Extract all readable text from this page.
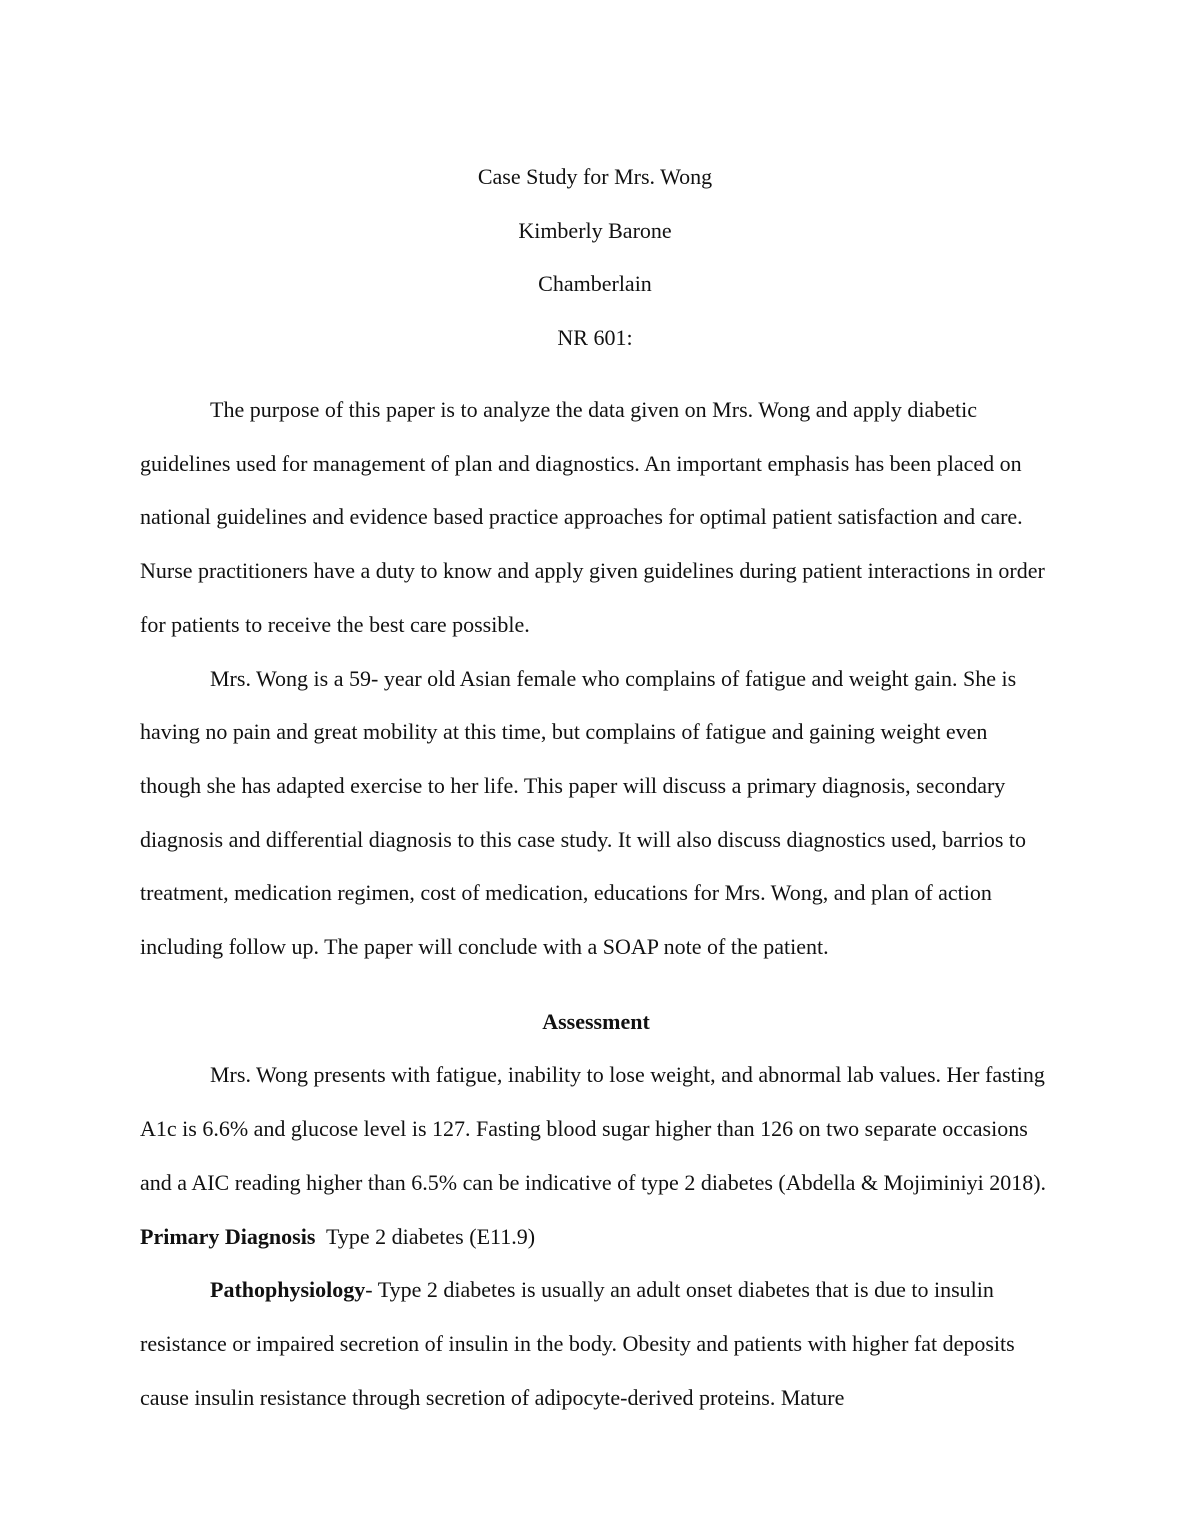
Case Study for Mrs. Wong
Kimberly Barone
Chamberlain
NR 601:

The purpose of this paper is to analyze the data given on Mrs. Wong and apply diabetic guidelines used for management of plan and diagnostics. An important emphasis has been placed on national guidelines and evidence based practice approaches for optimal patient satisfaction and care. Nurse practitioners have a duty to know and apply given guidelines during patient interactions in order for patients to receive the best care possible.

Mrs. Wong is a 59- year old Asian female who complains of fatigue and weight gain. She is having no pain and great mobility at this time, but complains of fatigue and gaining weight even though she has adapted exercise to her life. This paper will discuss a primary diagnosis, secondary diagnosis and differential diagnosis to this case study. It will also discuss diagnostics used, barrios to treatment, medication regimen, cost of medication, educations for Mrs. Wong, and plan of action including follow up. The paper will conclude with a SOAP note of the patient.

Assessment

Mrs. Wong presents with fatigue, inability to lose weight, and abnormal lab values. Her fasting A1c is 6.6% and glucose level is 127. Fasting blood sugar higher than 126 on two separate occasions and a AIC reading higher than 6.5% can be indicative of type 2 diabetes (Abdella & Mojiminiyi 2018).

Primary Diagnosis  Type 2 diabetes (E11.9)

Pathophysiology- Type 2 diabetes is usually an adult onset diabetes that is due to insulin resistance or impaired secretion of insulin in the body. Obesity and patients with higher fat deposits cause insulin resistance through secretion of adipocyte-derived proteins. Mature
